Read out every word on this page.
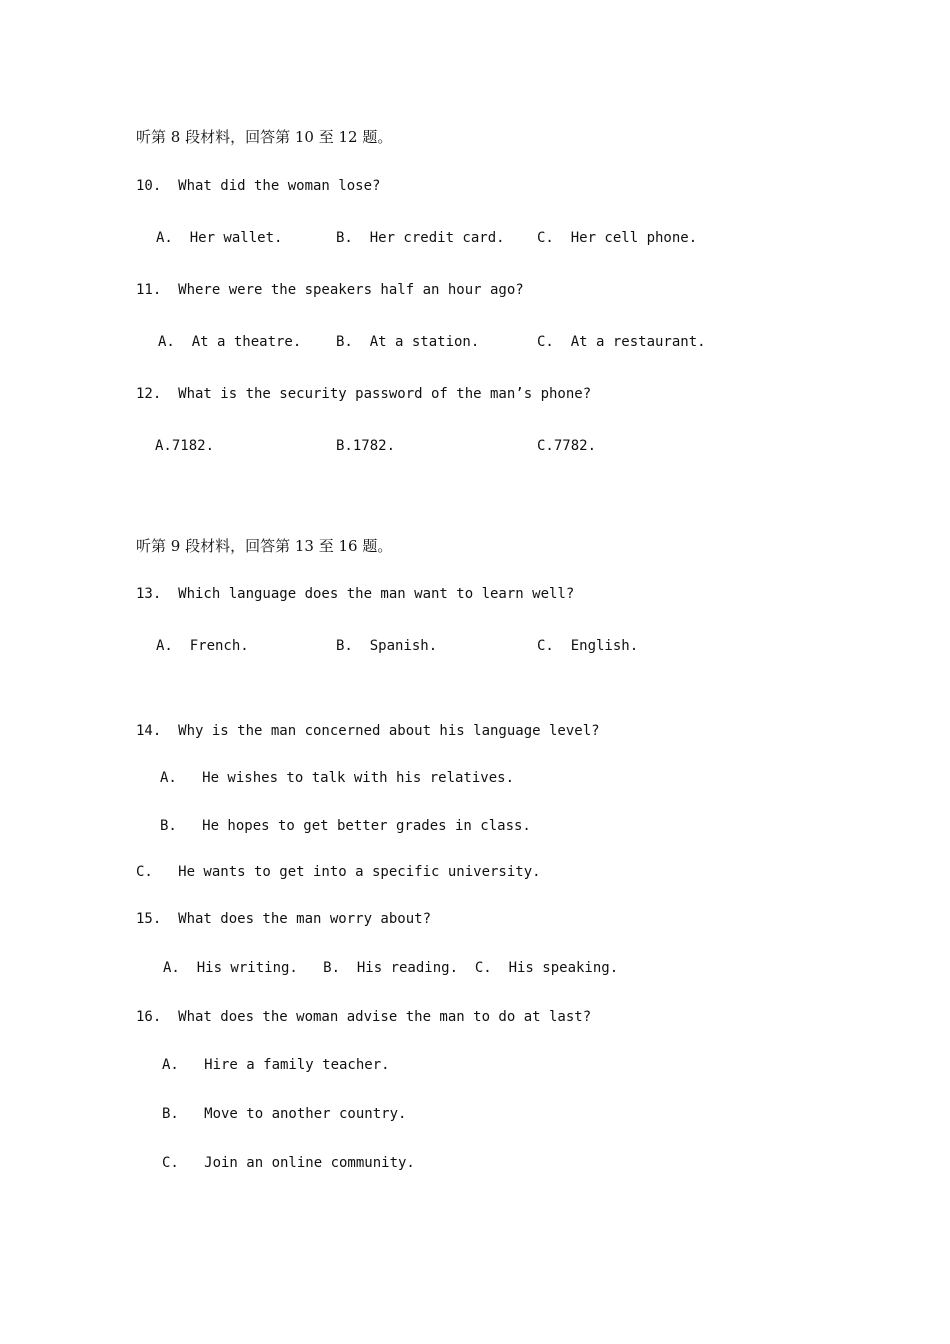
听第 8 段材料，回答第 10 至 12 题。
10.  What did the woman lose?
A.  Her wallet.	B.  Her credit card. C.  Her cell phone.
11.  Where were the speakers half an hour ago?
A.  At a theatre. B.  At a station.	C.  At a restaurant.
12.  What is the security password of the man’s phone?
A.7182.	B.1782.	C.7782.
听第 9 段材料，回答第 13 至 16 题。
13.  Which language does the man want to learn well?
A.  French.	B.  Spanish.	C.  English.
14.  Why is the man concerned about his language level?
A.   He wishes to talk with his relatives.
B.   He hopes to get better grades in class.
C.   He wants to get into a specific university.
15.  What does the man worry about?
A.  His writing.   B.  His reading.  C.  His speaking.
16.  What does the woman advise the man to do at last?
A.   Hire a family teacher.
B.   Move to another country.
C.   Join an online community.
